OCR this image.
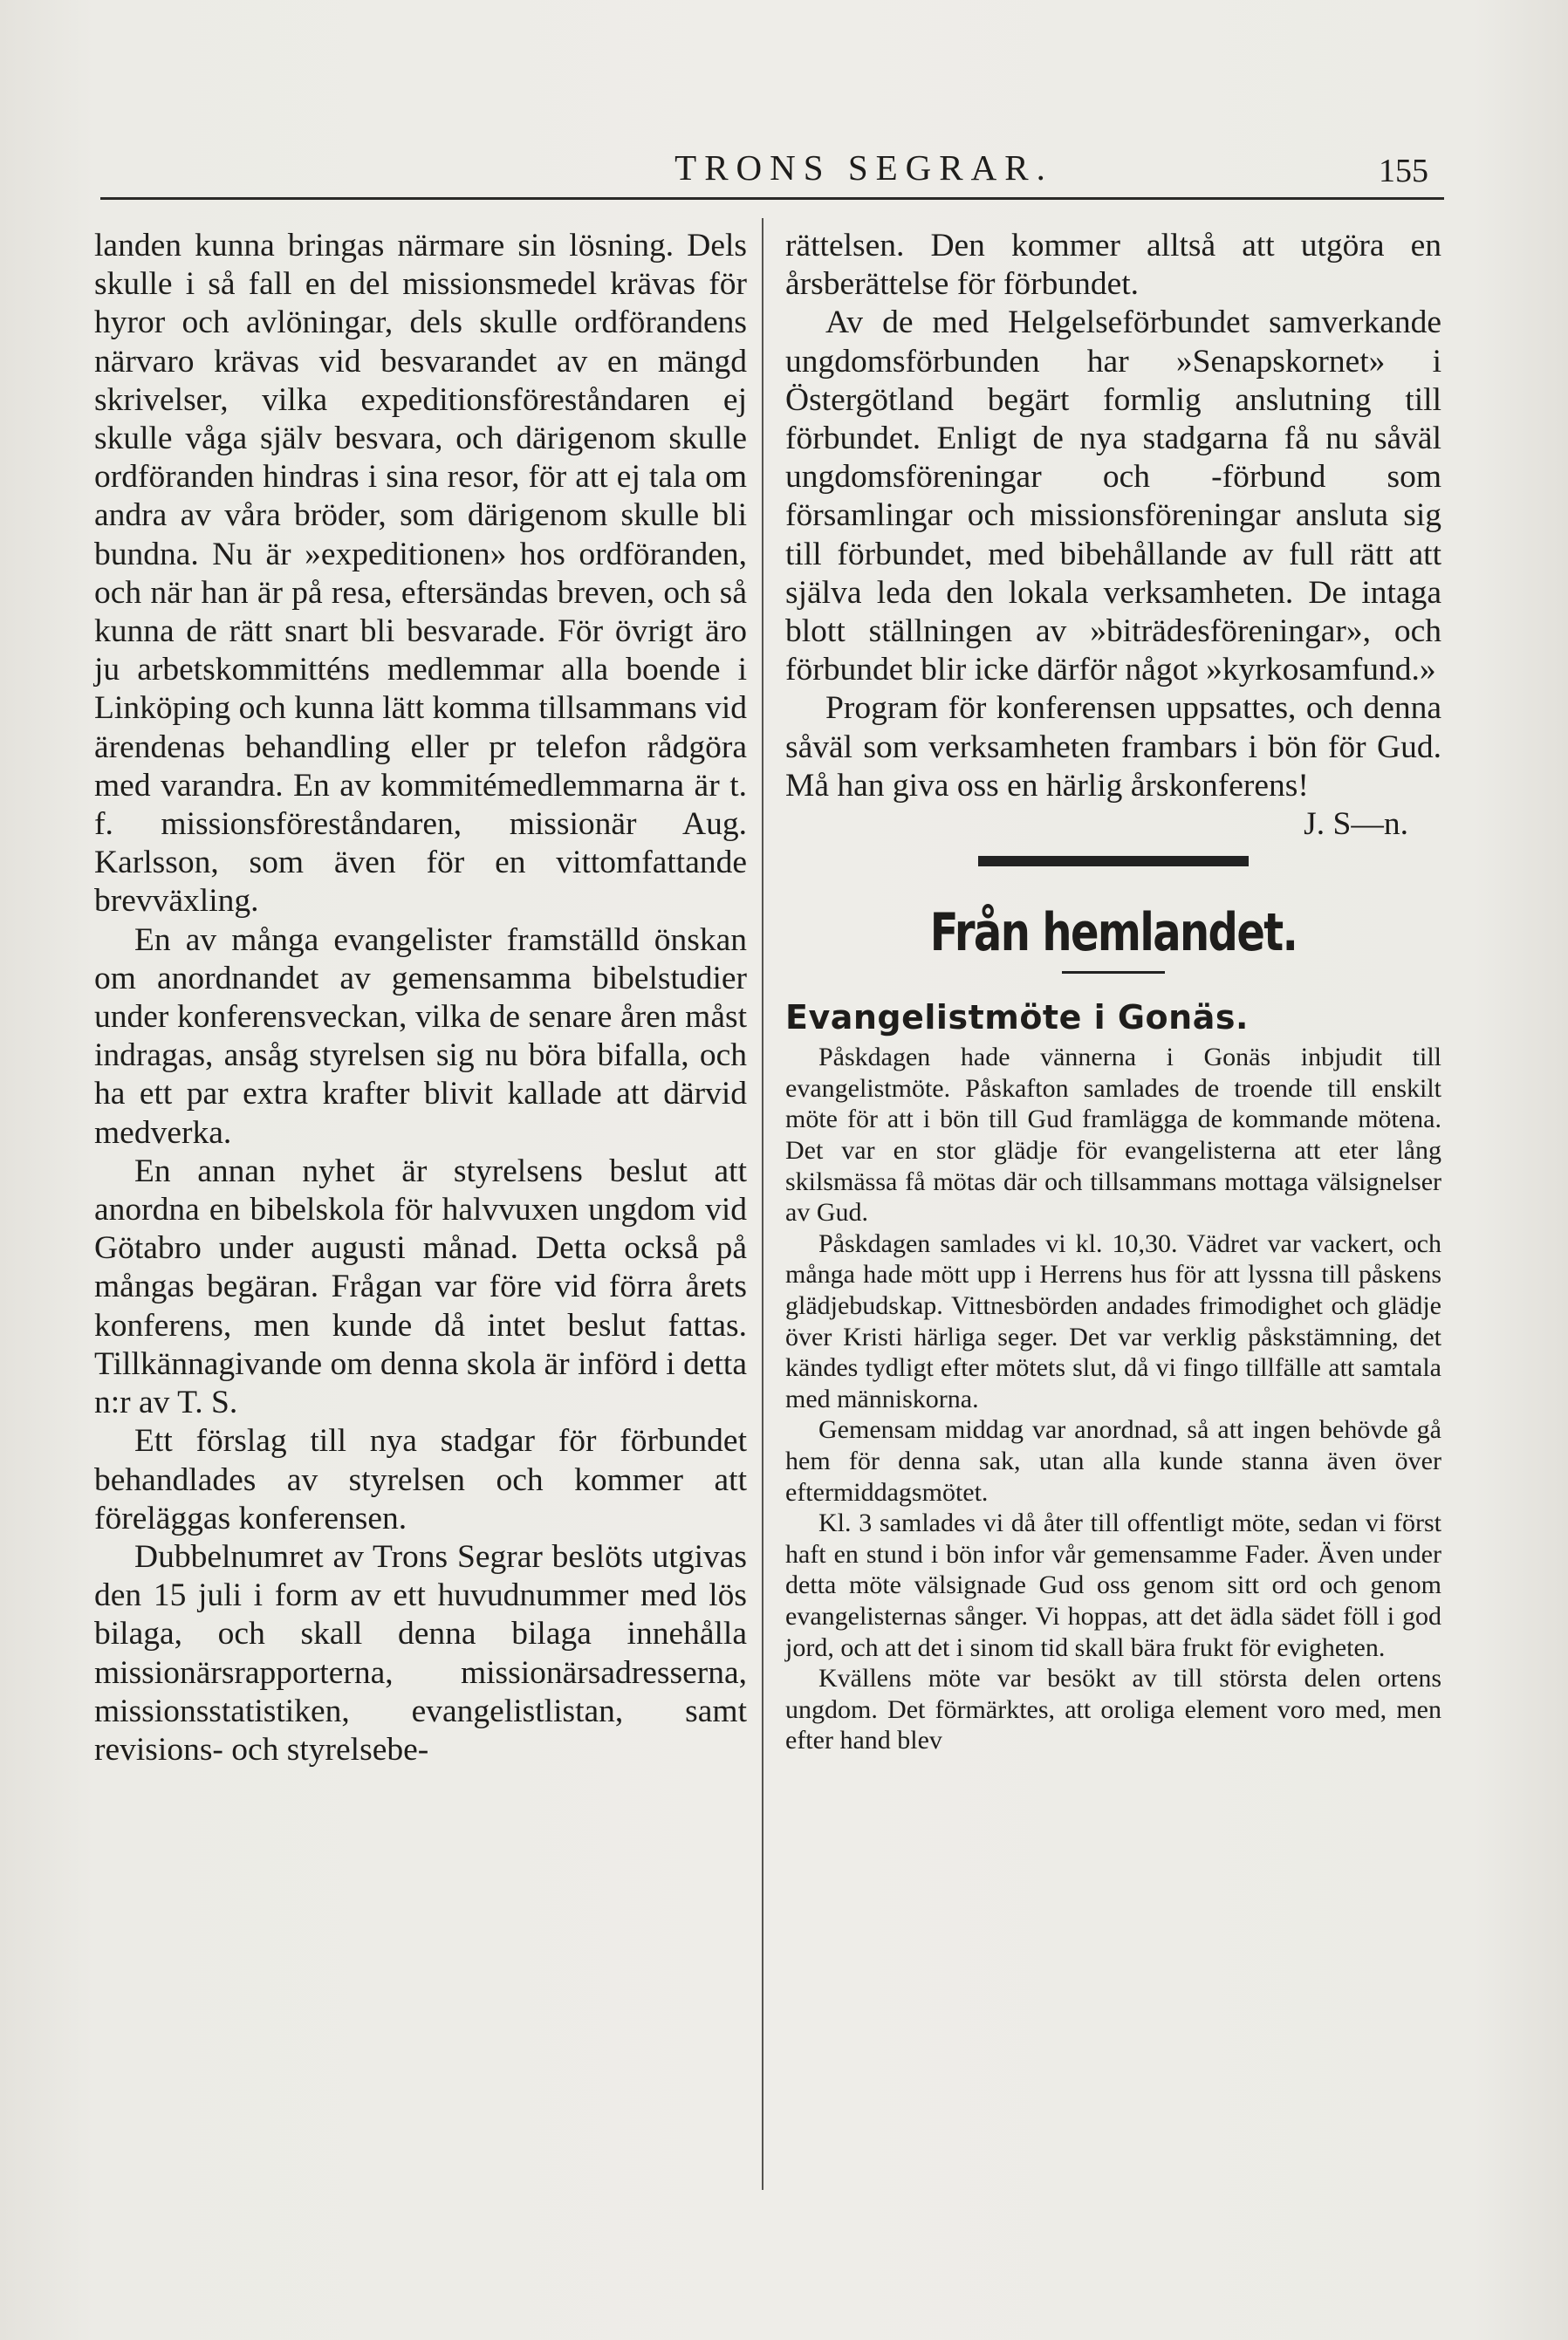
TRONS SEGRAR.	155

landen kunna bringas närmare sin lösning. Dels skulle i så fall en del missionsmedel krävas för hyror och avlöningar, dels skulle ordförandens närvaro krävas vid besvarandet av en mängd skrivelser, vilka expeditionsföreståndaren ej skulle våga själv besvara, och därigenom skulle ordföranden hindras i sina resor, för att ej tala om andra av våra bröder, som därigenom skulle bli bundna. Nu är »expeditionen» hos ordföranden, och när han är på resa, eftersändas breven, och så kunna de rätt snart bli besvarade. För övrigt äro ju arbetskommitténs medlemmar alla boende i Linköping och kunna lätt komma tillsammans vid ärendenas behandling eller pr telefon rådgöra med varandra. En av kommitémedlemmarna är t. f. missionsföreståndaren, missionär Aug. Karlsson, som även för en vittomfattande brevväxling.

En av många evangelister framställd önskan om anordnandet av gemensamma bibelstudier under konferensveckan, vilka de senare åren måst indragas, ansåg styrelsen sig nu böra bifalla, och ha ett par extra krafter blivit kallade att därvid medverka.

En annan nyhet är styrelsens beslut att anordna en bibelskola för halvvuxen ungdom vid Götabro under augusti månad. Detta också på mångas begäran. Frågan var före vid förra årets konferens, men kunde då intet beslut fattas. Tillkännagivande om denna skola är införd i detta n:r av T. S.

Ett förslag till nya stadgar för förbundet behandlades av styrelsen och kommer att föreläggas konferensen.

Dubbelnumret av Trons Segrar beslöts utgivas den 15 juli i form av ett huvudnummer med lös bilaga, och skall denna bilaga innehålla missionärsrapporterna, missionärsadresserna, missionsstatistiken, evangelistlistan, samt revisions- och styrelsebe-

rättelsen. Den kommer alltså att utgöra en årsberättelse för förbundet.

Av de med Helgelseförbundet samverkande ungdomsförbunden har »Senapskornet» i Östergötland begärt formlig anslutning till förbundet. Enligt de nya stadgarna få nu såväl ungdomsföreningar och -förbund som församlingar och missionsföreningar ansluta sig till förbundet, med bibehållande av full rätt att själva leda den lokala verksamheten. De intaga blott ställningen av »biträdesföreningar», och förbundet blir icke därför något »kyrkosamfund.»

Program för konferensen uppsattes, och denna såväl som verksamheten frambars i bön för Gud. Må han giva oss en härlig årskonferens!

J. S—n.

Från hemlandet.
Evangelistmöte i Gonäs.

Påskdagen hade vännerna i Gonäs inbjudit till evangelistmöte. Påskafton samlades de troende till enskilt möte för att i bön till Gud framlägga de kommande mötena. Det var en stor glädje för evangelisterna att eter lång skilsmässa få mötas där och tillsammans mottaga välsignelser av Gud.

Påskdagen samlades vi kl. 10,30. Vädret var vackert, och många hade mött upp i Herrens hus för att lyssna till påskens glädjebudskap. Vittnesbörden andades frimodighet och glädje över Kristi härliga seger. Det var verklig påskstämning, det kändes tydligt efter mötets slut, då vi fingo tillfälle att samtala med människorna.

Gemensam middag var anordnad, så att ingen behövde gå hem för denna sak, utan alla kunde stanna även över eftermiddagsmötet.

Kl. 3 samlades vi då åter till offentligt möte, sedan vi först haft en stund i bön infor vår gemensamme Fader. Även under detta möte välsignade Gud oss genom sitt ord och genom evangelisternas sånger. Vi hoppas, att det ädla sädet föll i god jord, och att det i sinom tid skall bära frukt för evigheten.

Kvällens möte var besökt av till största delen ortens ungdom. Det förmärktes, att oroliga element voro med, men efter hand blev
